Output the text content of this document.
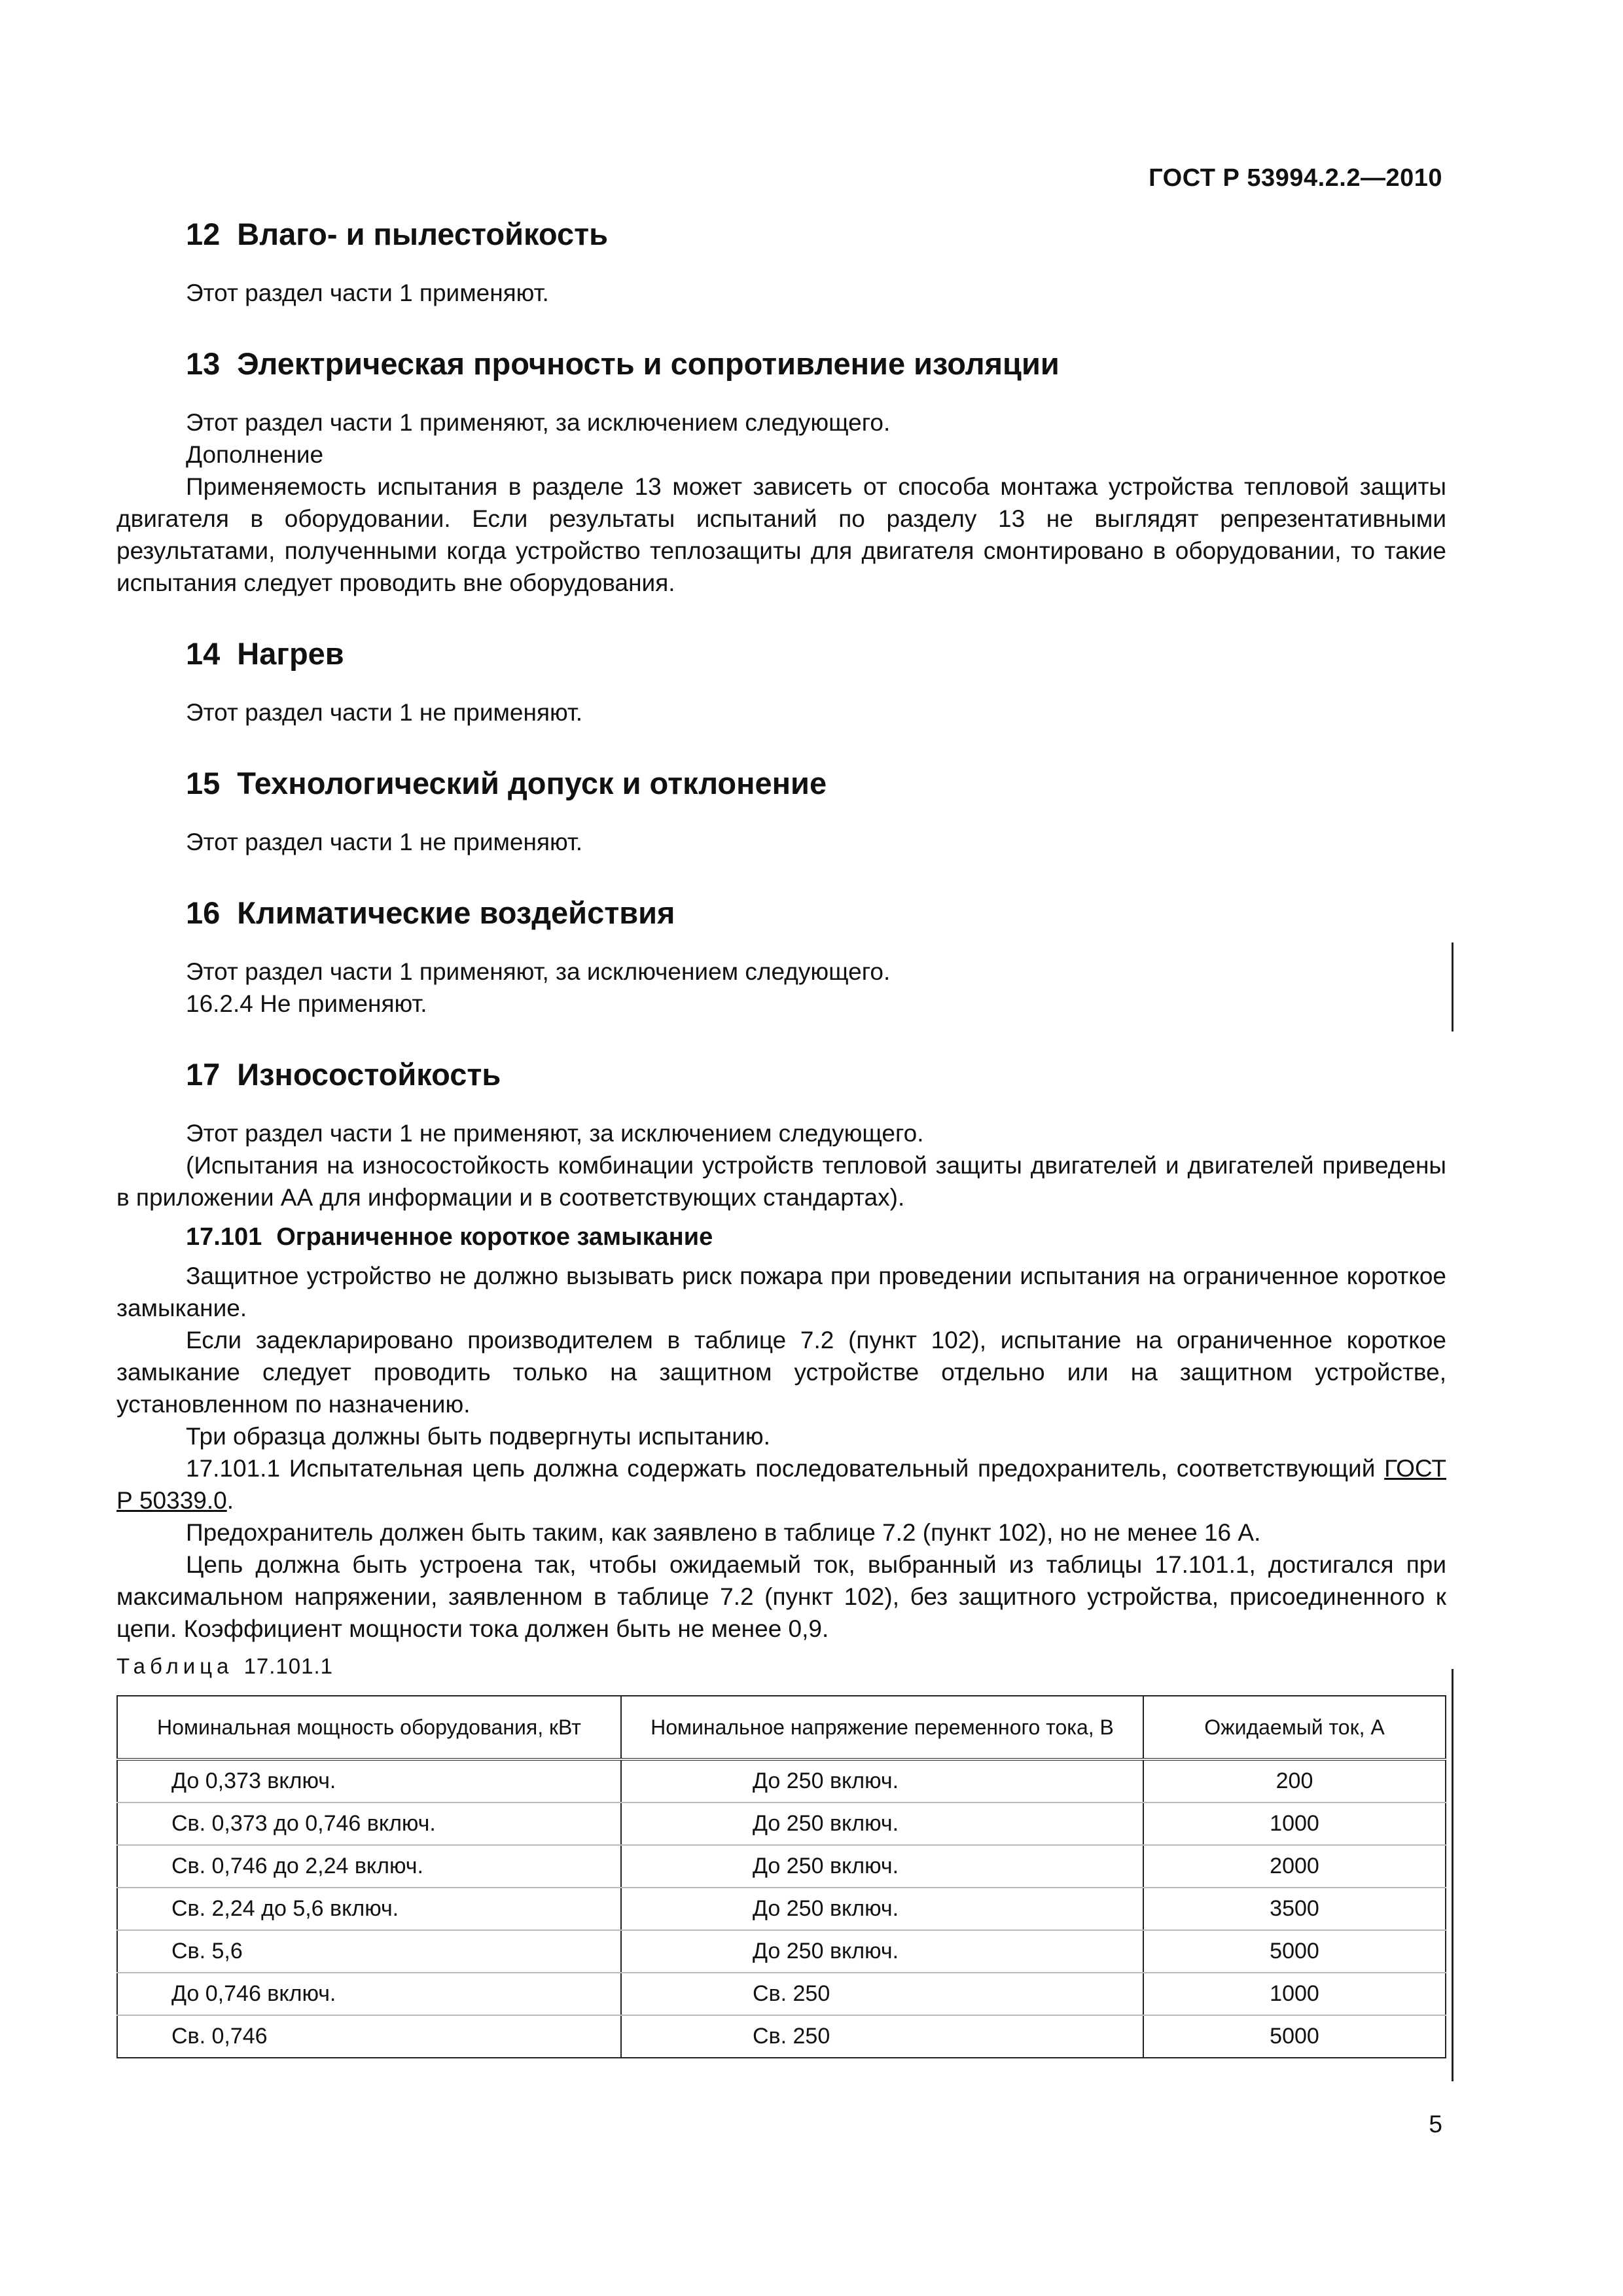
ГОСТ Р 53994.2.2—2010
12 Влаго- и пылестойкость

Этот раздел части 1 применяют.

13 Электрическая прочность и сопротивление изоляции

Этот раздел части 1 применяют, за исключением следующего.

Дополнение

Применяемость испытания в разделе 13 может зависеть от способа монтажа устройства тепловой защиты двигателя в оборудовании. Если результаты испытаний по разделу 13 не выглядят репрезентативными результатами, полученными когда устройство теплозащиты для двигателя смонтировано в оборудовании, то такие испытания следует проводить вне оборудования.

14 Нагрев

Этот раздел части 1 не применяют.

15 Технологический допуск и отклонение

Этот раздел части 1 не применяют.

16 Климатические воздействия

Этот раздел части 1 применяют, за исключением следующего.

16.2.4 Не применяют.

17 Износостойкость

Этот раздел части 1 не применяют, за исключением следующего.

(Испытания на износостойкость комбинации устройств тепловой защиты двигателей и двигателей приведены в приложении АА для информации и в соответствующих стандартах).

17.101 Ограниченное короткое замыкание

Защитное устройство не должно вызывать риск пожара при проведении испытания на ограниченное короткое замыкание.

Если задекларировано производителем в таблице 7.2 (пункт 102), испытание на ограниченное короткое замыкание следует проводить только на защитном устройстве отдельно или на защитном устройстве, установленном по назначению.

Три образца должны быть подвергнуты испытанию.

17.101.1 Испытательная цепь должна содержать последовательный предохранитель, соответствующий ГОСТ Р 50339.0.

Предохранитель должен быть таким, как заявлено в таблице 7.2 (пункт 102), но не менее 16 А.

Цепь должна быть устроена так, чтобы ожидаемый ток, выбранный из таблицы 17.101.1, достигался при максимальном напряжении, заявленном в таблице 7.2 (пункт 102), без защитного устройства, присоединенного к цепи. Коэффициент мощности тока должен быть не менее 0,9.

Таблица 17.101.1

Номинальная мощность оборудования, кВт	Номинальное напряжение переменного тока, В	Ожидаемый ток, А
До 0,373 включ.	До 250 включ.	200
Св. 0,373 до 0,746 включ.	До 250 включ.	1000
Св. 0,746 до 2,24 включ.	До 250 включ.	2000
Св. 2,24 до 5,6 включ.	До 250 включ.	3500
Св. 5,6	До 250 включ.	5000
До 0,746 включ.	Св. 250	1000
Св. 0,746	Св. 250	5000
5
